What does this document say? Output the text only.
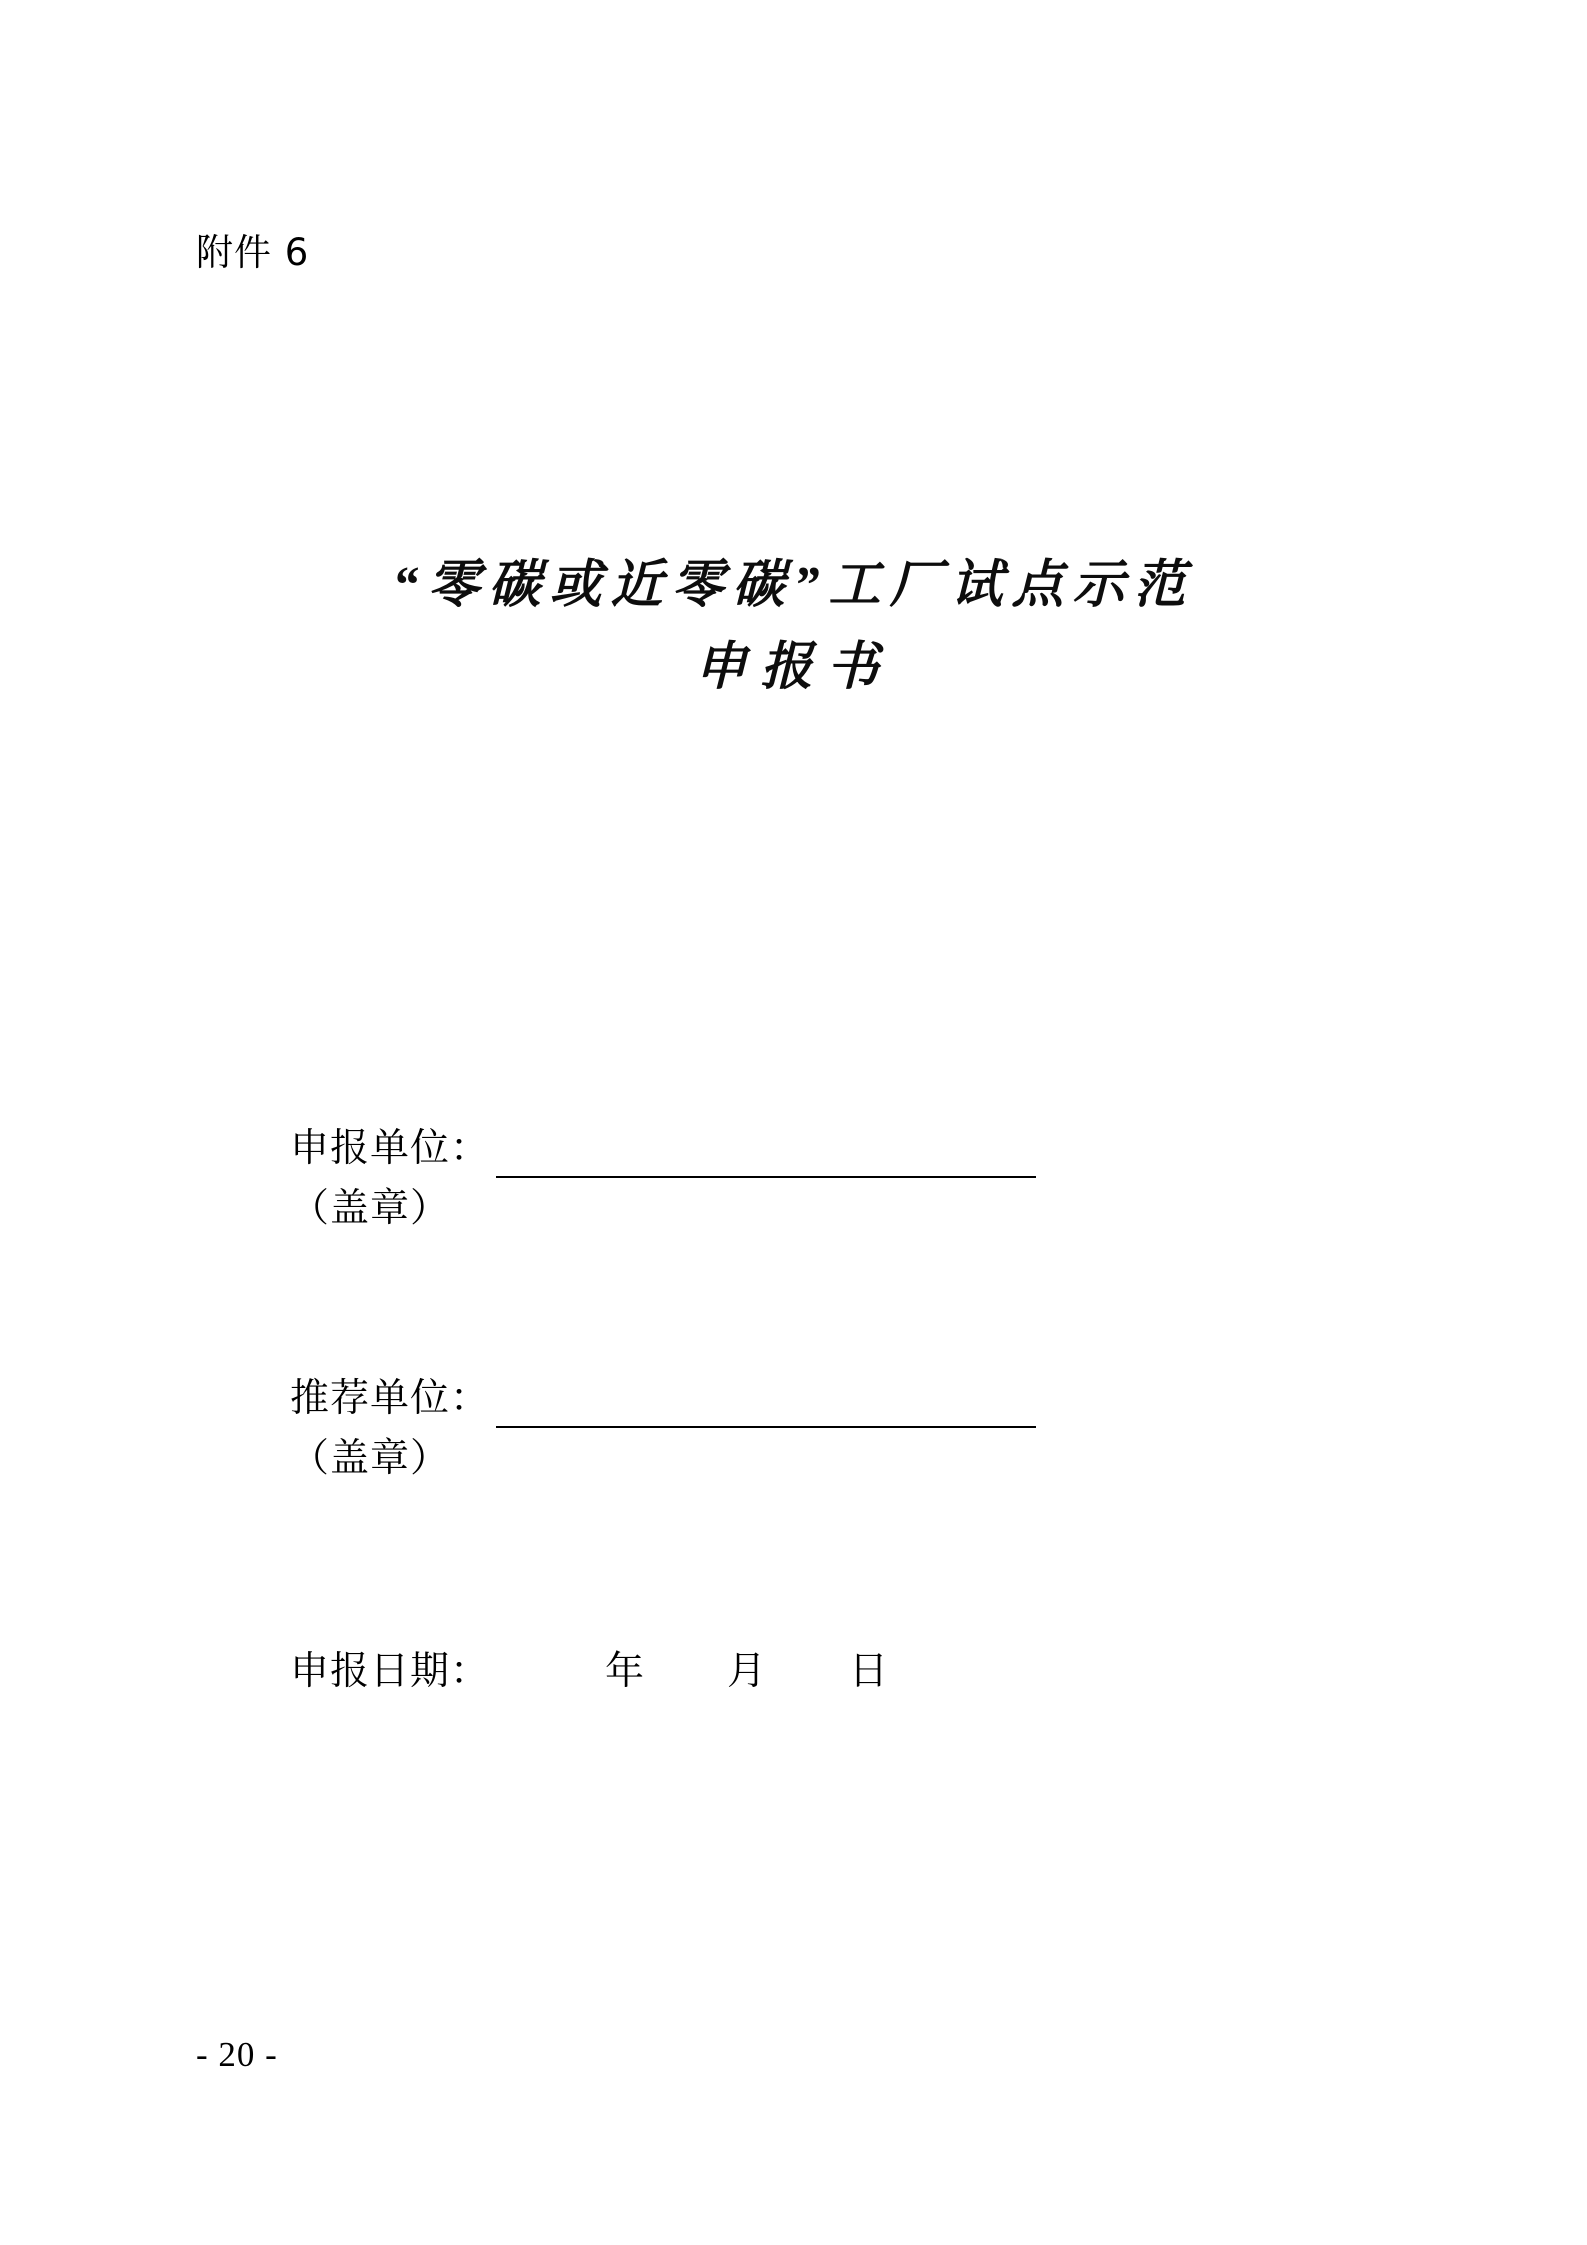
附件 6
“零碳或近零碳”工厂试点示范
申报书
申报单位：
（盖章）
推荐单位：
（盖章）
申报日期：	年 月 日
- 20 -
